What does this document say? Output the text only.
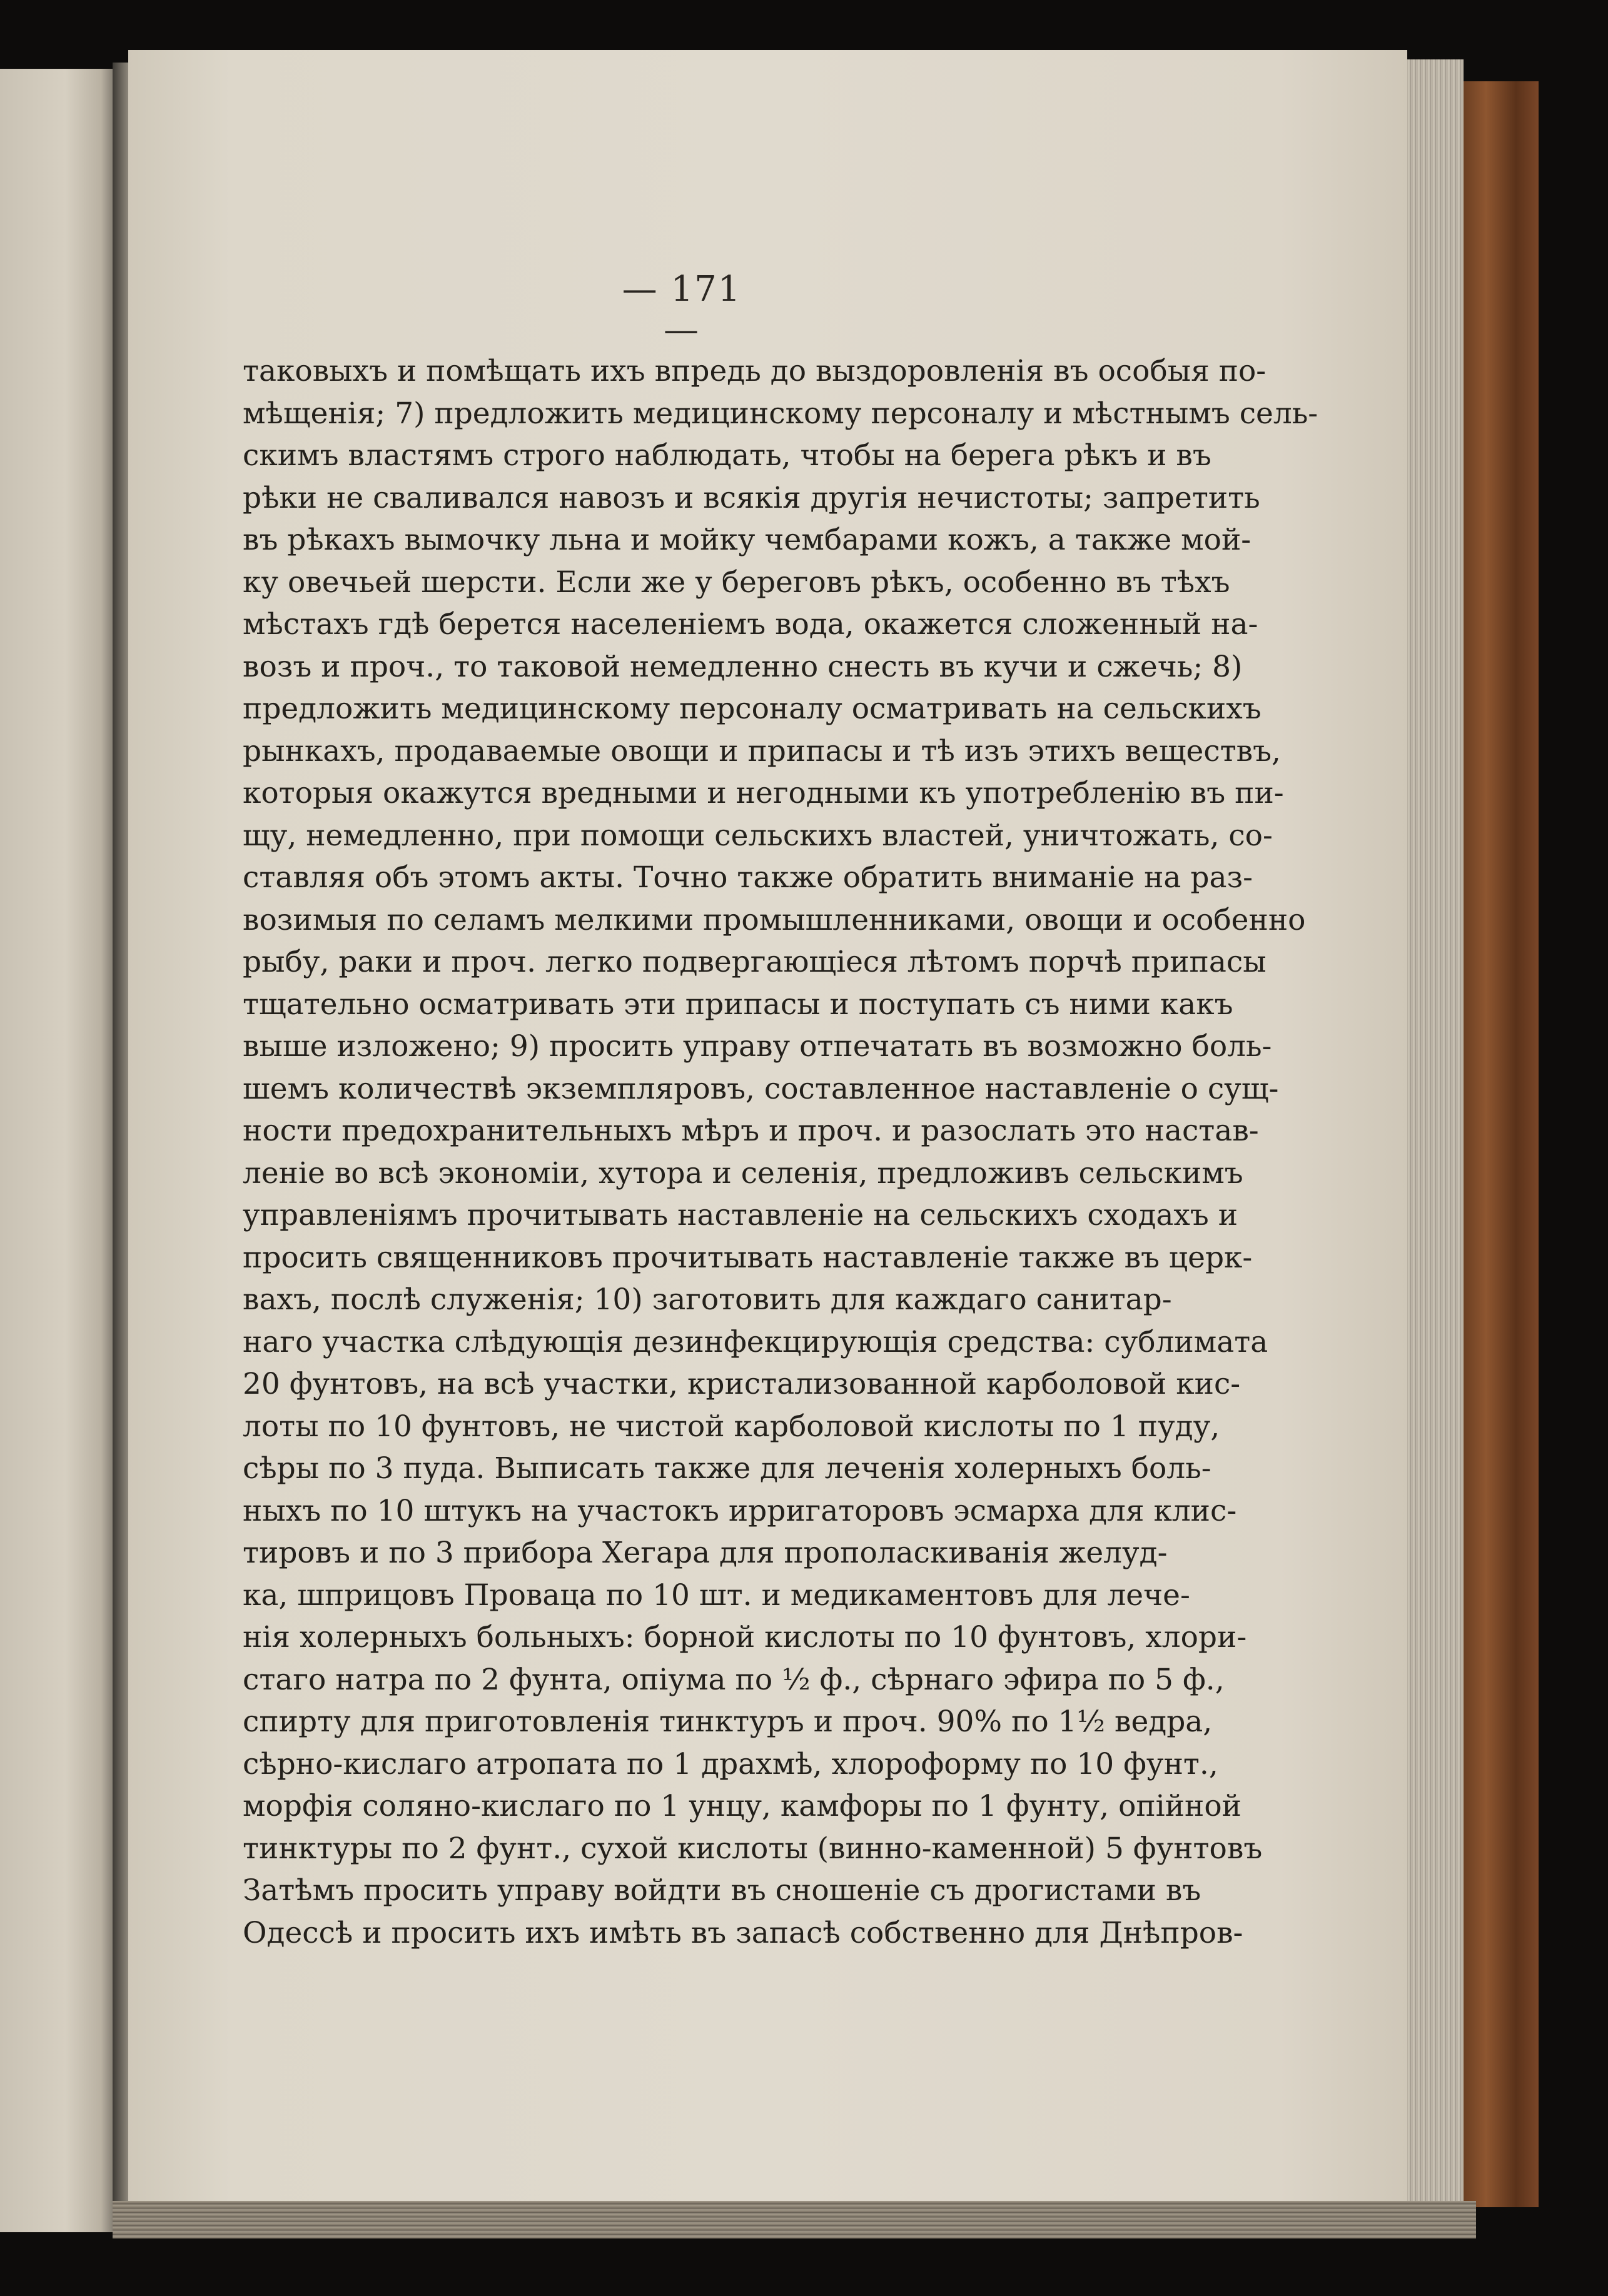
— 171 —
таковыхъ и помѣщать ихъ впредь до выздоровленія въ особыя по-
мѣщенія; 7) предложить медицинскому персоналу и мѣстнымъ сель-
скимъ властямъ строго наблюдать, чтобы на берега рѣкъ и въ
рѣки не сваливался навозъ и всякія другія нечистоты; запретить
въ рѣкахъ вымочку льна и мойку чембарами кожъ, а также мой-
ку овечьей шерсти. Если же у береговъ рѣкъ, особенно въ тѣхъ
мѣстахъ гдѣ берется населеніемъ вода, окажется сложенный на-
возъ и проч., то таковой немедленно снесть въ кучи и сжечь; 8)
предложить медицинскому персоналу осматривать на сельскихъ
рынкахъ, продаваемые овощи и припасы и тѣ изъ этихъ веществъ,
которыя окажутся вредными и негодными къ употребленію въ пи-
щу, немедленно, при помощи сельскихъ властей, уничтожать, со-
ставляя объ этомъ акты. Точно также обратить вниманіе на раз-
возимыя по селамъ мелкими промышленниками, овощи и особенно
рыбу, раки и проч. легко подвергающіеся лѣтомъ порчѣ припасы
тщательно осматривать эти припасы и поступать съ ними какъ
выше изложено; 9) просить управу отпечатать въ возможно боль-
шемъ количествѣ экземпляровъ, составленное наставленіе о сущ-
ности предохранительныхъ мѣръ и проч. и разослать это настав-
леніе во всѣ экономіи, хутора и селенія, предложивъ сельскимъ
управленіямъ прочитывать наставленіе на сельскихъ сходахъ и
просить священниковъ прочитывать наставленіе также въ церк-
вахъ, послѣ служенія; 10) заготовить для каждаго санитар-
наго участка слѣдующія дезинфекцирующія средства: сублимата
20 фунтовъ, на всѣ участки, кристализованной карболовой кис-
лоты по 10 фунтовъ, не чистой карболовой кислоты по 1 пуду,
сѣры по 3 пуда. Выписать также для леченія холерныхъ боль-
ныхъ по 10 штукъ на участокъ ирригаторовъ эсмарха для клис-
тировъ и по 3 прибора Хегара для прополаскиванія желуд-
ка, шприцовъ Провацa по 10 шт. и медикаментовъ для лече-
нія холерныхъ больныхъ: борной кислоты по 10 фунтовъ, хлори-
стаго натра по 2 фунта, опіума по ½ ф., сѣрнаго эфира по 5 ф.,
спирту для приготовленія тинктуръ и проч. 90% по 1½ ведра,
сѣрно-кислаго атропата по 1 драхмѣ, хлороформу по 10 фунт.,
морфія солянo-кислаго по 1 унцу, камфоры по 1 фунту, опійной
тинктуры по 2 фунт., сухой кислоты (винно-каменной) 5 фунтовъ
Затѣмъ просить управу войдти въ сношеніе съ дрогистами въ
Одессѣ и просить ихъ имѣть въ запасѣ собственно для Днѣпров-
